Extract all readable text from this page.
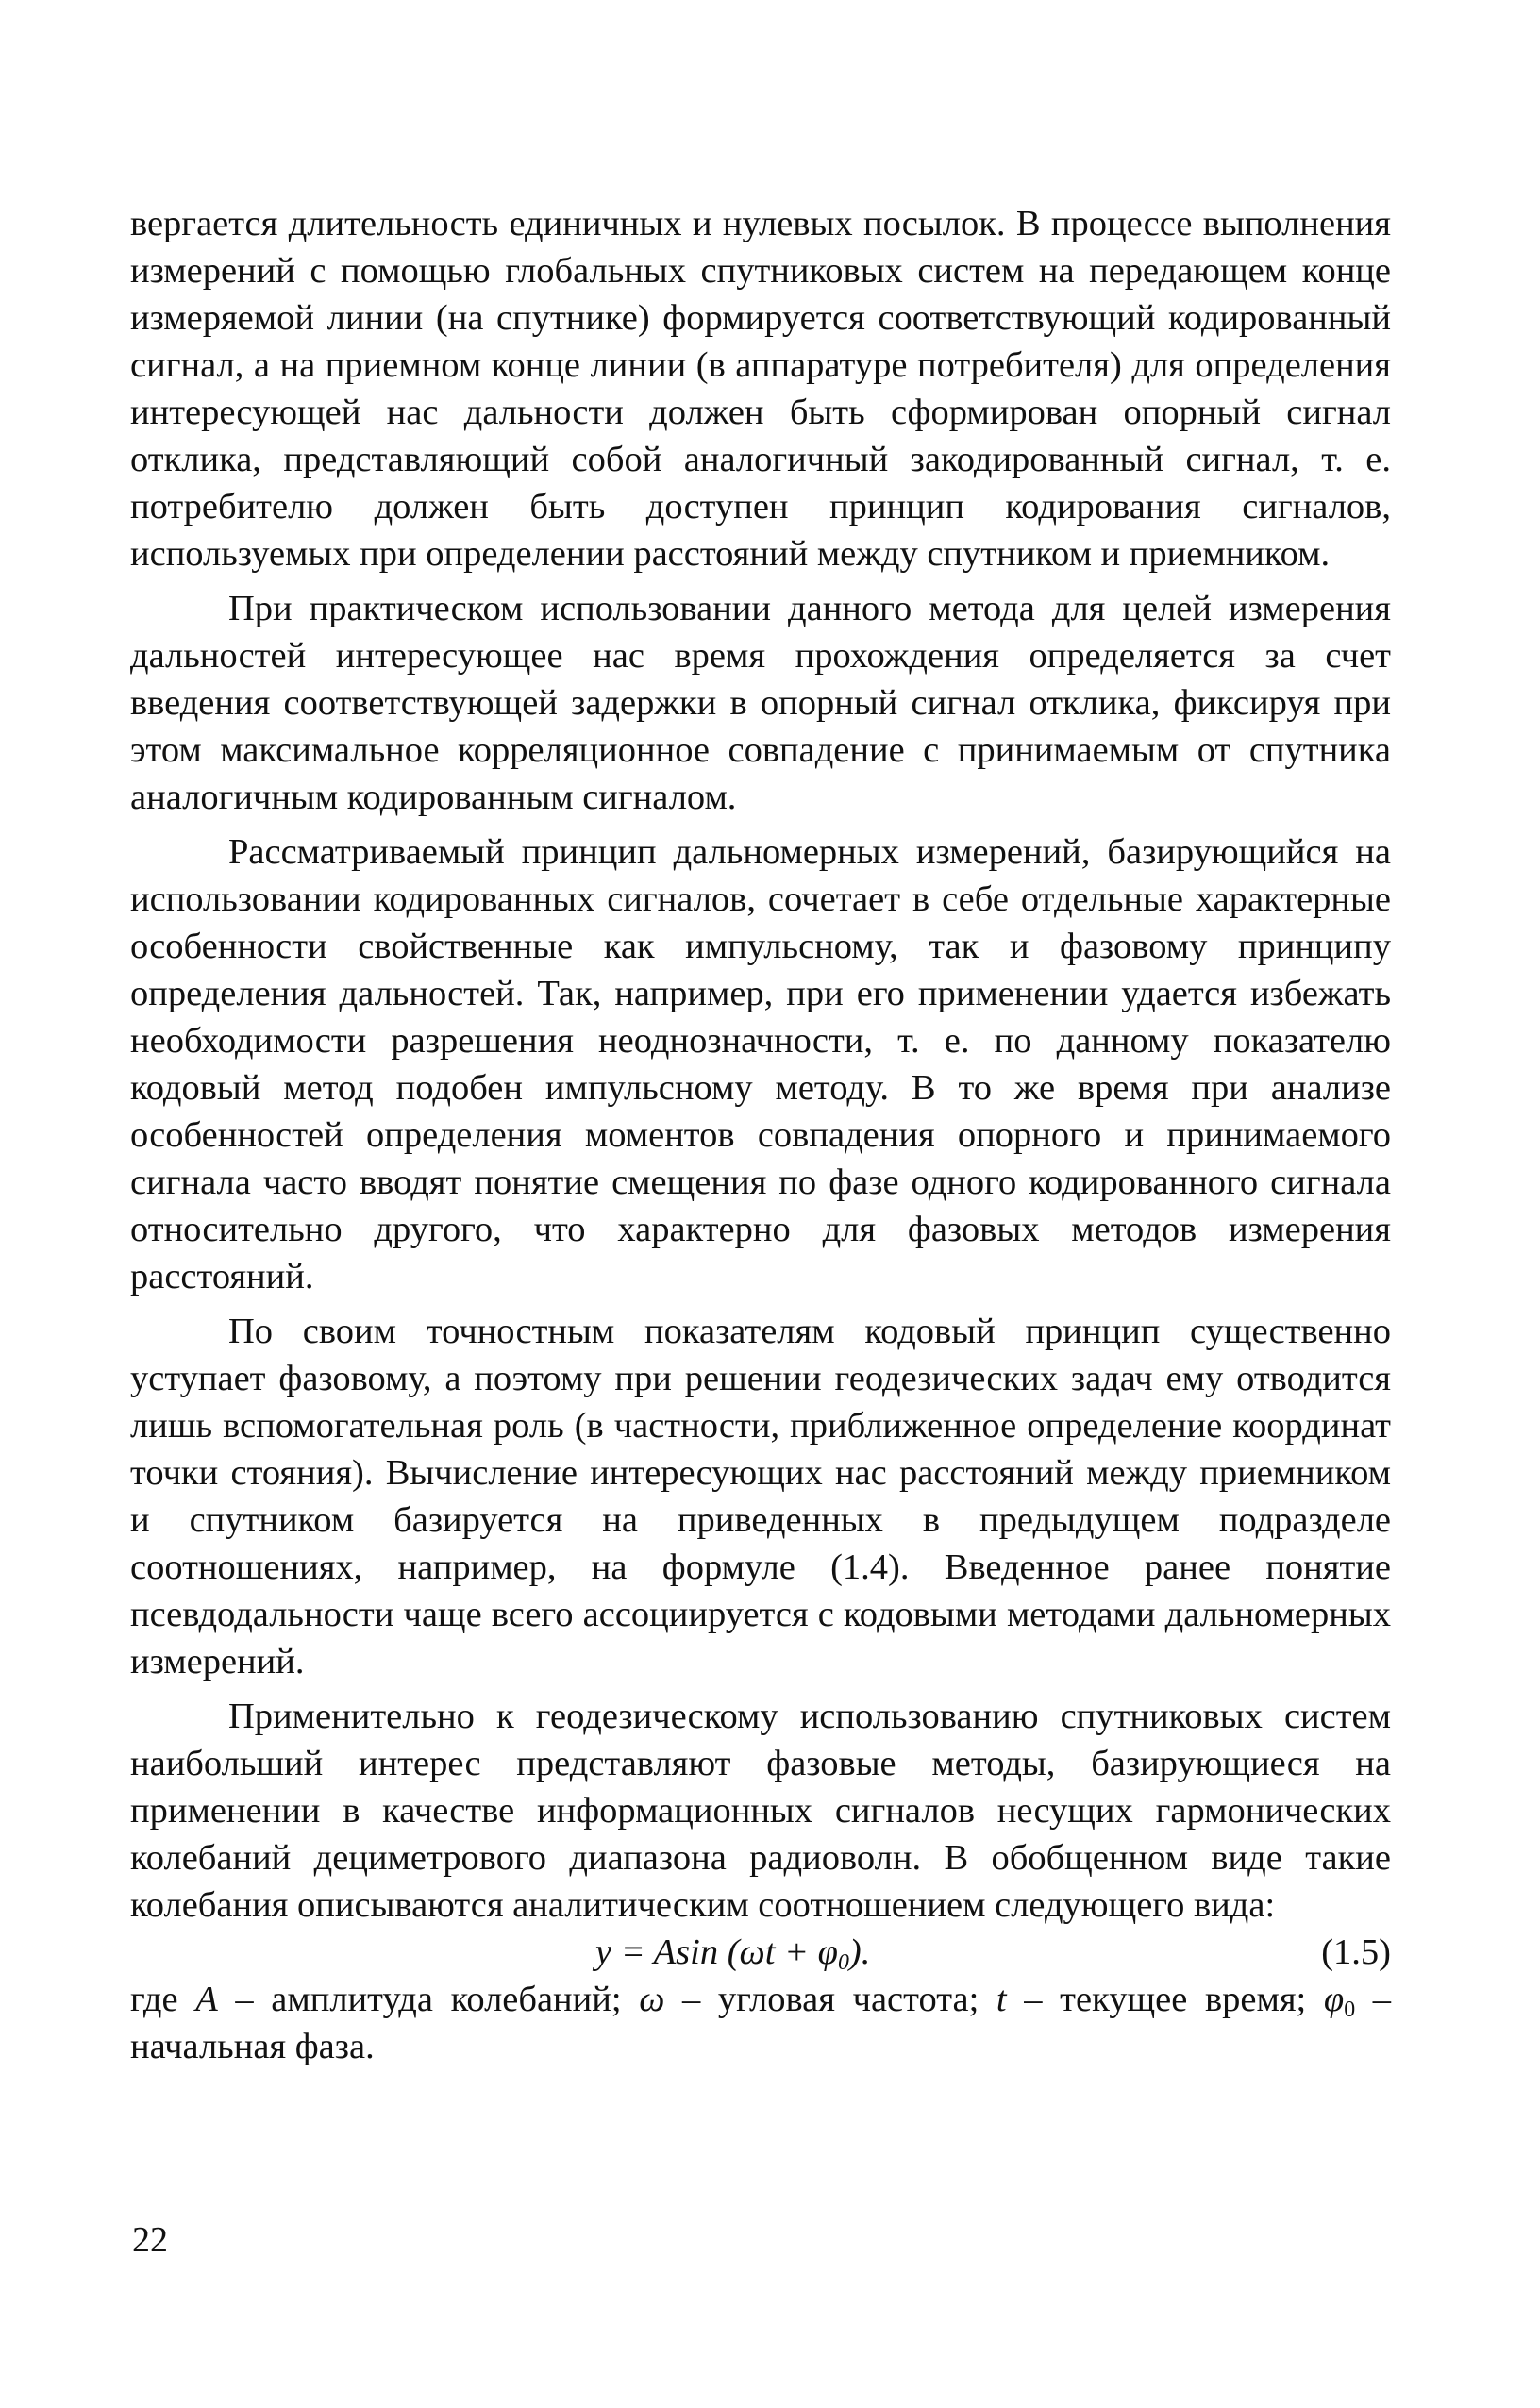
вергается длительность единичных и нулевых посылок. В процессе выполнения измерений с помощью глобальных спутниковых систем на передающем конце измеряемой линии (на спутнике) формируется соответствующий кодированный сигнал, а на приемном конце линии (в аппаратуре потребителя) для определения интересующей нас дальности должен быть сформирован опорный сигнал отклика, представляющий собой аналогичный закодированный сигнал, т. е. потребителю должен быть доступен принцип кодирования сигналов, используемых при определении расстояний между спутником и приемником.

При практическом использовании данного метода для целей измерения дальностей интересующее нас время прохождения определяется за счет введения соответствующей задержки в опорный сигнал отклика, фиксируя при этом максимальное корреляционное совпадение с принимаемым от спутника аналогичным кодированным сигналом.

Рассматриваемый принцип дальномерных измерений, базирующийся на использовании кодированных сигналов, сочетает в себе отдельные характерные особенности свойственные как импульсному, так и фазовому принципу определения дальностей. Так, например, при его применении удается избежать необходимости разрешения неоднозначности, т. е. по данному показателю кодовый метод подобен импульсному методу. В то же время при анализе особенностей определения моментов совпадения опорного и принимаемого сигнала часто вводят понятие смещения по фазе одного кодированного сигнала относительно другого, что характерно для фазовых методов измерения расстояний.

По своим точностным показателям кодовый принцип существенно уступает фазовому, а поэтому при решении геодезических задач ему отводится лишь вспомогательная роль (в частности, приближенное определение координат точки стояния). Вычисление интересующих нас расстояний между приемником и спутником базируется на приведенных в предыдущем подразделе соотношениях, например, на формуле (1.4). Введенное ранее понятие псевдодальности чаще всего ассоциируется с кодовыми методами дальномерных измерений.

Применительно к геодезическому использованию спутниковых систем наибольший интерес представляют фазовые методы, базирующиеся на применении в качестве информационных сигналов несущих гармонических колебаний дециметрового диапазона радиоволн. В обобщенном виде такие колебания описываются аналитическим соотношением следующего вида:

y = Asin $(\omega t + \varphi_0)$.	(1.5)

где A – амплитуда колебаний; ω – угловая частота; t – текущее время; $\varphi_0$ – начальная фаза.

22
